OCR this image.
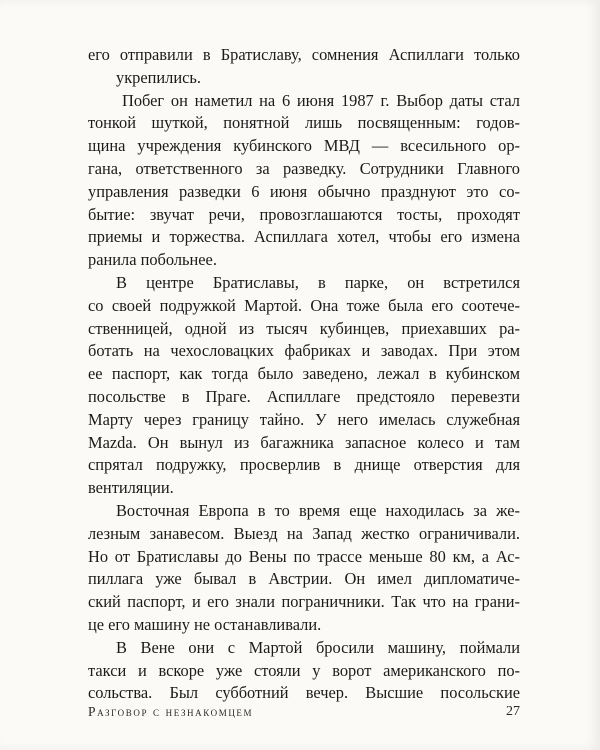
его отправили в Братиславу, сомнения Аспиллаги только
укрепились.
Побег он наметил на 6 июня 1987 г. Выбор даты стал
тонкой шуткой, понятной лишь посвященным: годов-
щина учреждения кубинского МВД — всесильного ор-
гана, ответственного за разведку. Сотрудники Главного
управления разведки 6 июня обычно празднуют это со-
бытие: звучат речи, провозглашаются тосты, проходят
приемы и торжества. Аспиллага хотел, чтобы его измена
ранила побольнее.
В центре Братиславы, в парке, он встретился
со своей подружкой Мартой. Она тоже была его соотече-
ственницей, одной из тысяч кубинцев, приехавших ра-
ботать на чехословацких фабриках и заводах. При этом
ее паспорт, как тогда было заведено, лежал в кубинском
посольстве в Праге. Аспиллаге предстояло перевезти
Марту через границу тайно. У него имелась служебная
Mazda. Он вынул из багажника запасное колесо и там
спрятал подружку, просверлив в днище отверстия для
вентиляции.
Восточная Европа в то время еще находилась за же-
лезным занавесом. Выезд на Запад жестко ограничивали.
Но от Братиславы до Вены по трассе меньше 80 км, а Ас-
пиллага уже бывал в Австрии. Он имел дипломатиче-
ский паспорт, и его знали пограничники. Так что на грани-
це его машину не останавливали.
В Вене они с Мартой бросили машину, поймали
такси и вскоре уже стояли у ворот американского по-
сольства. Был субботний вечер. Высшие посольские
Разговор с незнакомцем	27
